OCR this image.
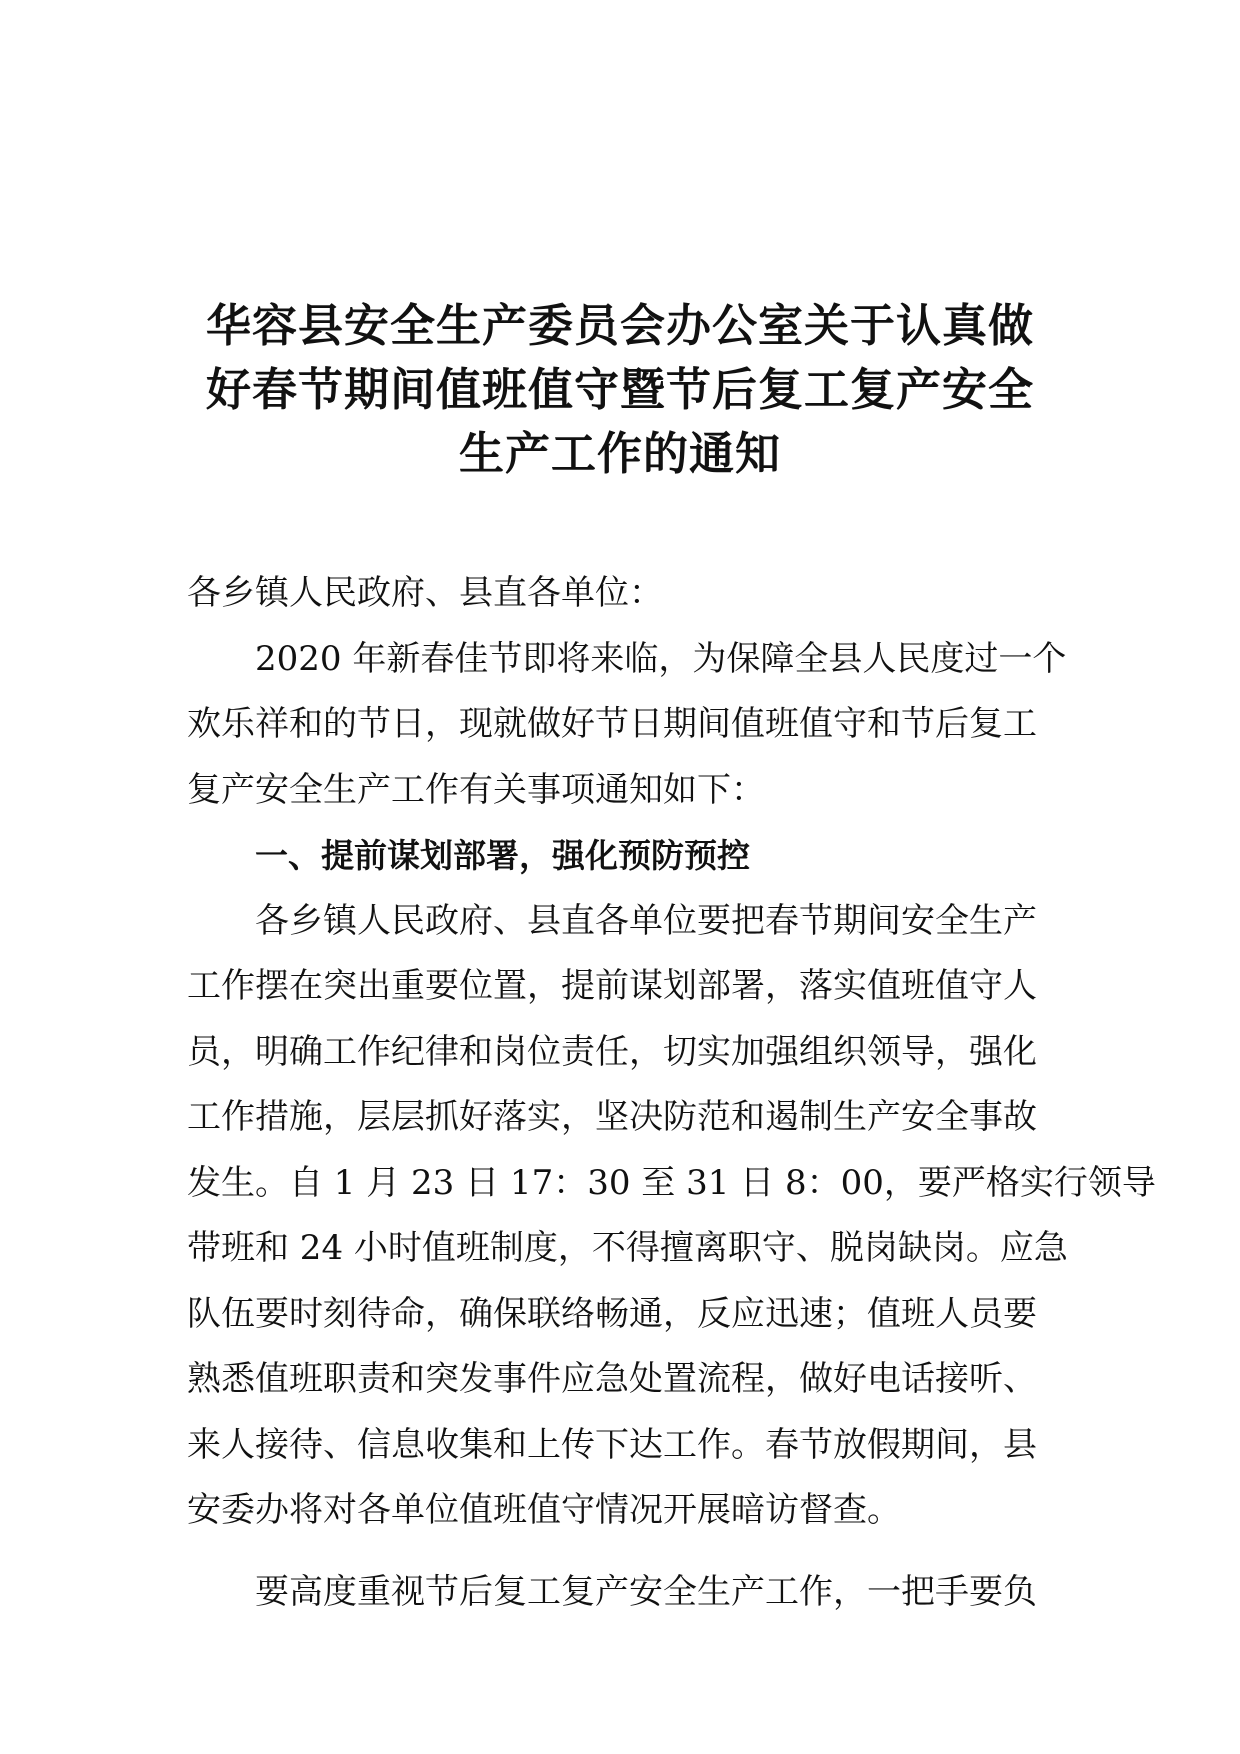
华容县安全生产委员会办公室关于认真做
好春节期间值班值守暨节后复工复产安全
生产工作的通知
各乡镇人民政府、县直各单位：
2020 年新春佳节即将来临，为保障全县人民度过一个
欢乐祥和的节日，现就做好节日期间值班值守和节后复工
复产安全生产工作有关事项通知如下：
一、提前谋划部署，强化预防预控
各乡镇人民政府、县直各单位要把春节期间安全生产
工作摆在突出重要位置，提前谋划部署，落实值班值守人
员，明确工作纪律和岗位责任，切实加强组织领导，强化
工作措施，层层抓好落实，坚决防范和遏制生产安全事故
发生。自 1 月 23 日 17：30 至 31 日 8：00，要严格实行领导
带班和 24 小时值班制度，不得擅离职守、脱岗缺岗。应急
队伍要时刻待命，确保联络畅通，反应迅速；值班人员要
熟悉值班职责和突发事件应急处置流程，做好电话接听、
来人接待、信息收集和上传下达工作。春节放假期间，县
安委办将对各单位值班值守情况开展暗访督查。
要高度重视节后复工复产安全生产工作，一把手要负
